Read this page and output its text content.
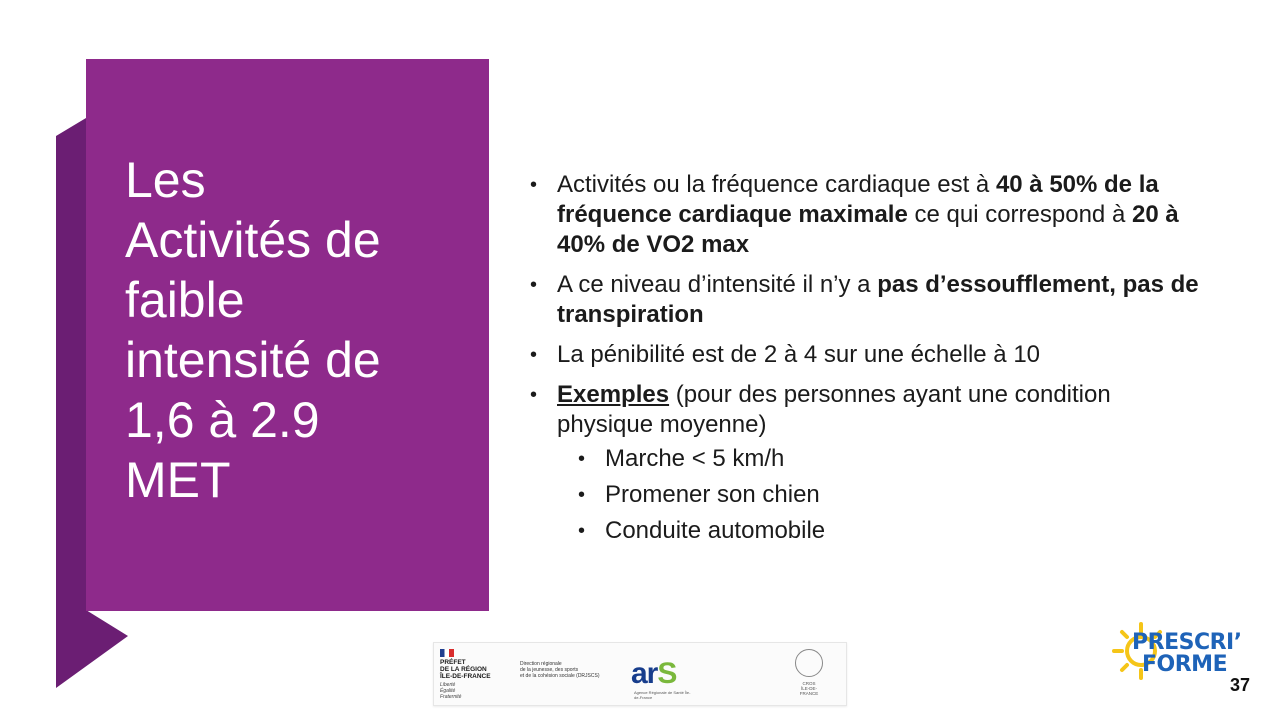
Les
Activités de
faible
intensité de
1,6 à 2.9
MET
• Activités ou la fréquence cardiaque est à 40 à 50% de la fréquence cardiaque maximale ce qui correspond à 20 à 40% de VO2 max
• A ce niveau d’intensité il n’y a pas d’essoufflement, pas de transpiration
• La pénibilité est de 2 à 4 sur une échelle à 10
• Exemples (pour des personnes ayant une condition physique moyenne)
• Marche < 5 km/h
• Promener son chien
• Conduite automobile
PRÉFET
DE LA RÉGION
ÎLE-DE-FRANCE
Liberté
Égalité
Fraternité
Direction régionale
de la jeunesse, des sports
et de la cohésion sociale (DRJSCS)	arS
Agence Régionale de Santé Île-de-France
CROS
ÎLE-DE-FRANCE
PRESCRI’
FORME
37
